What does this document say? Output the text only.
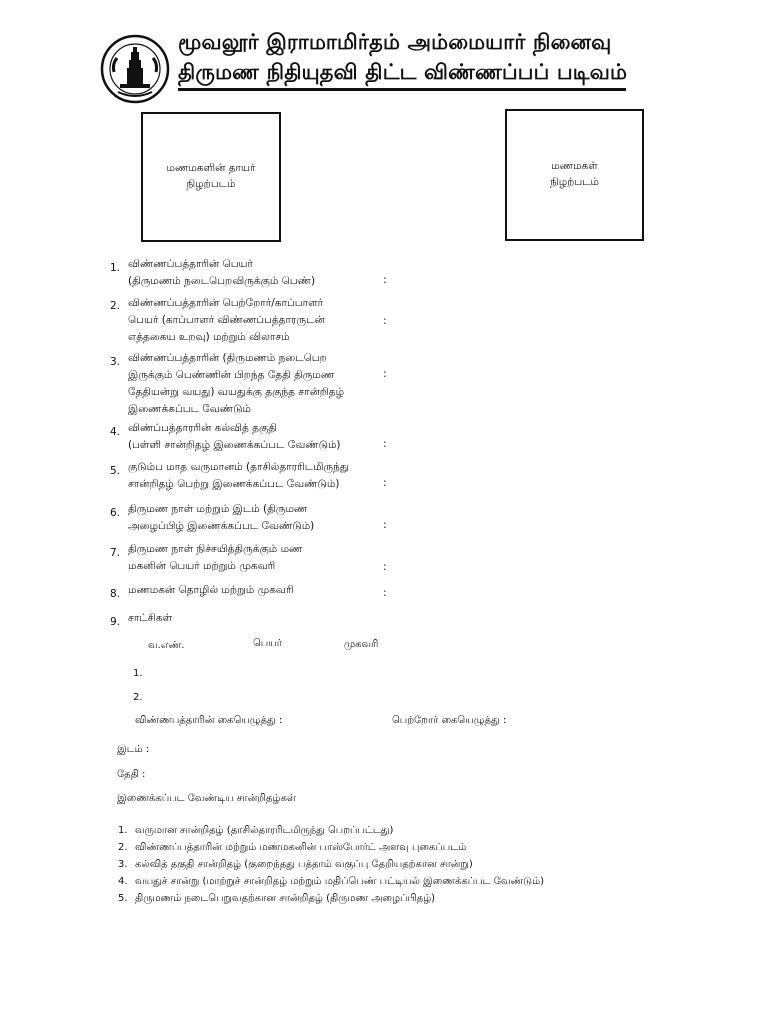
மூவலூர் இராமாமிர்தம் அம்மையார் நினைவு
திருமண நிதியுதவி திட்ட விண்ணப்பப் படிவம்
மணமகளின் தாயர்
நிழற்படம்
மணமகள்
நிழற்படம்
1. விண்ணப்பத்தாரின் பெயர்
(திருமணம் நடைபெறவிருக்கும் பெண்)	:
2. விண்ணப்பத்தாரின் பெற்றோர்/காப்பாளர்
பெயர் (காப்பாளர் விண்ணப்பத்தாரருடன்
எத்தகைய உறவு) மற்றும் விலாசம்
:
3. விண்ணப்பத்தாரின் (திருமணம் நடைபெற
இருக்கும் பெண்ணின் பிறந்த தேதி திருமண
தேதியன்று வயது) வயதுக்கு தகுந்த சான்றிதழ்
இணைக்கப்பட வேண்டும்
:
4. விண்ப்பத்தாரரின் கல்வித் தகுதி
(பள்ளி சான்றிதழ் இணைக்கப்பட வேண்டும்)	:
5. குடும்ப மாத வருமானம் (தாசில்தாரரிடமிருந்து
சான்றிதழ் பெற்று இணைக்கப்பட வேண்டும்)	:
6. திருமண நாள் மற்றும் இடம் (திருமண
அழைப்பிழ் இணைக்கப்பட வேண்டும்)	:
7. திருமண நாள் நிச்சயித்திருக்கும் மண
மகனின் பெயர் மற்றும் முகவரி	:
8. மணமகன் தொழில் மற்றும் முகவரி	:
9. சாட்சிகள்
வ.எண்.	பெயர்	முகவரி
1.
2.
விண்ணபத்தாரின் கையெழுத்து :	பெற்றோர் கையெழுத்து :
இடம் :
தேதி :
இணைக்கப்பட வேண்டிய சான்றிதழ்கள்
1. வருமான சான்றிதழ் (தாசில்தாரரிடமிருந்து பெறப்பட்டது)
2. விண்ணப்பத்தாரின் மற்றும் மணமகனின் பாஸ்போர்ட் அளவு புகைப்படம்
3. கல்வித் தகுதி சான்றிதழ் (குறைந்தது பத்தாம் வகுப்பு தேறியதற்கான சான்று)
4. வயதுச் சான்று (மாற்றுச் சான்றிதழ் மற்றும் மதிப்பெண் பட்டியல் இணைக்கப்பட வேண்டும்)
5. திருமணம் நடைபெறுவதற்கான சான்றிதழ் (திருமண அழைப்பிதழ்)
